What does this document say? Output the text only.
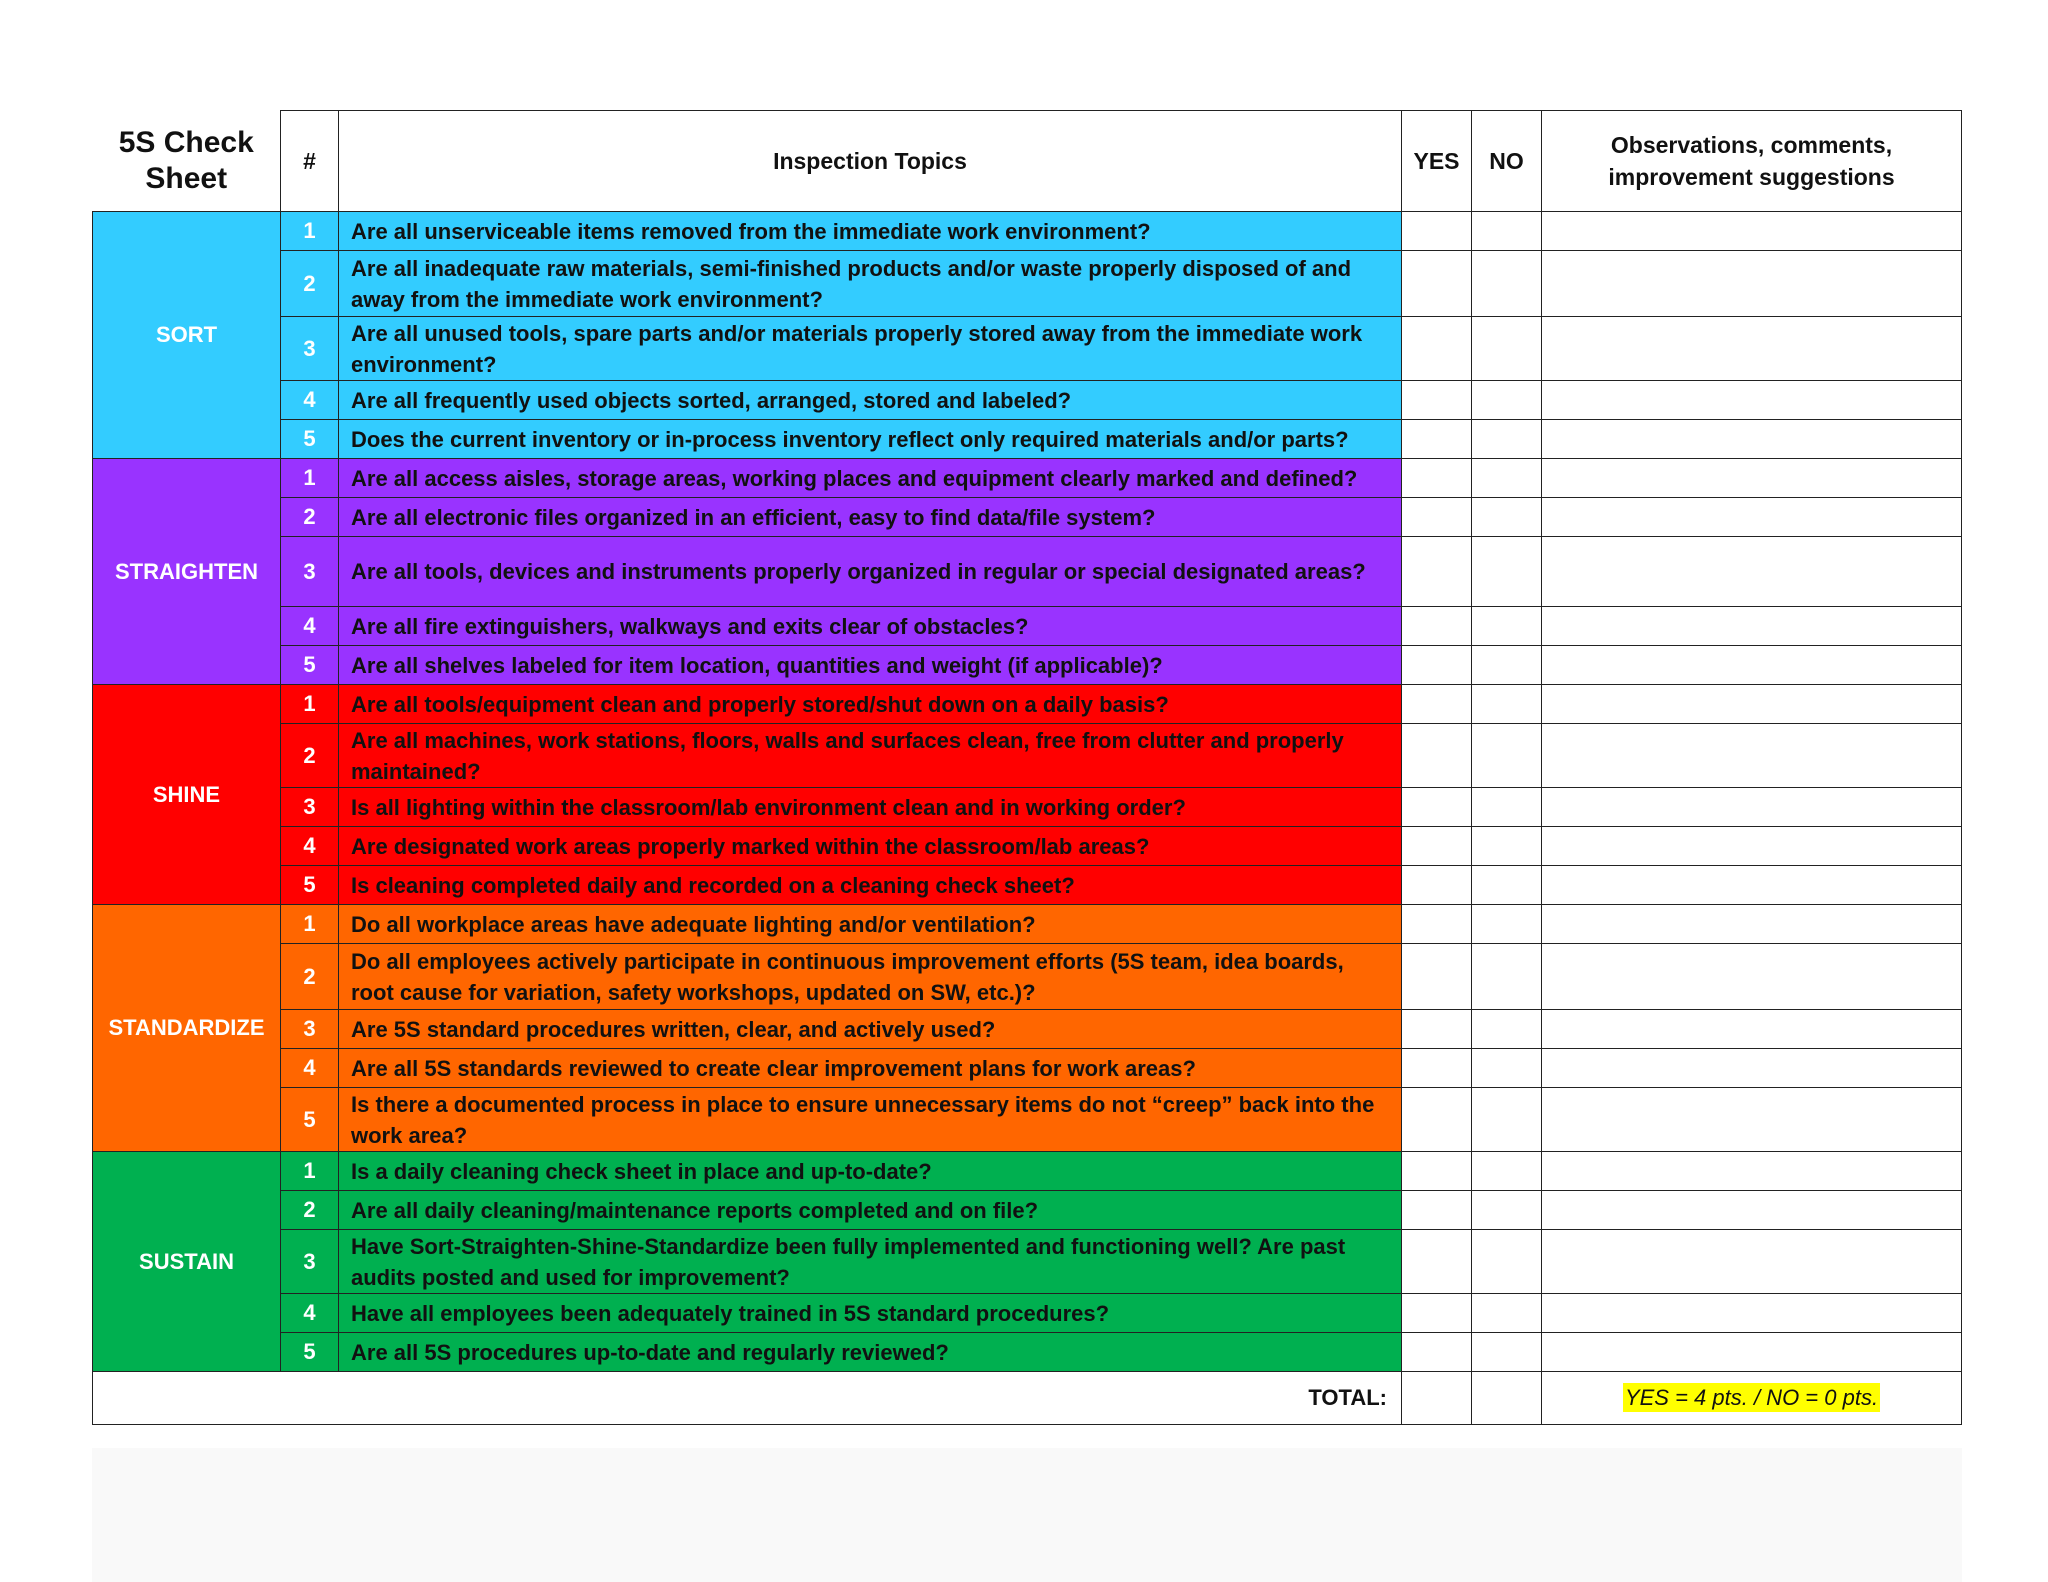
5S Check Sheet	#	Inspection Topics	YES	NO	Observations, comments, improvement suggestions
SORT	1	Are all unserviceable items removed from the immediate work environment?			
	2	Are all inadequate raw materials, semi-finished products and/or waste properly disposed of and away from the immediate work environment?			
	3	Are all unused tools, spare parts and/or materials properly stored away from the immediate work environment?			
	4	Are all frequently used objects sorted, arranged, stored and labeled?			
	5	Does the current inventory or in-process inventory reflect only required materials and/or parts?			
STRAIGHTEN	1	Are all access aisles, storage areas, working places and equipment clearly marked and defined?			
	2	Are all electronic files organized in an efficient, easy to find data/file system?			
	3	Are all tools, devices and instruments properly organized in regular or special designated areas?			
	4	Are all fire extinguishers, walkways and exits clear of obstacles?			
	5	Are all shelves labeled for item location, quantities and weight (if applicable)?			
SHINE	1	Are all tools/equipment clean and properly stored/shut down on a daily basis?			
	2	Are all machines, work stations, floors, walls and surfaces clean, free from clutter and properly maintained?			
	3	Is all lighting within the classroom/lab environment clean and in working order?			
	4	Are designated work areas properly marked within the classroom/lab areas?			
	5	Is cleaning completed daily and recorded on a cleaning check sheet?			
STANDARDIZE	1	Do all workplace areas have adequate lighting and/or ventilation?			
	2	Do all employees actively participate in continuous improvement efforts (5S team, idea boards, root cause for variation, safety workshops, updated on SW, etc.)?			
	3	Are 5S standard procedures written, clear, and actively used?			
	4	Are all 5S standards reviewed to create clear improvement plans for work areas?			
	5	Is there a documented process in place to ensure unnecessary items do not “creep” back into the work area?			
SUSTAIN	1	Is a daily cleaning check sheet in place and up-to-date?			
	2	Are all daily cleaning/maintenance reports completed and on file?			
	3	Have Sort-Straighten-Shine-Standardize been fully implemented and functioning well? Are past audits posted and used for improvement?			
	4	Have all employees been adequately trained in 5S standard procedures?			
	5	Are all 5S procedures up-to-date and regularly reviewed?			
TOTAL:					YES = 4 pts. / NO = 0 pts.
